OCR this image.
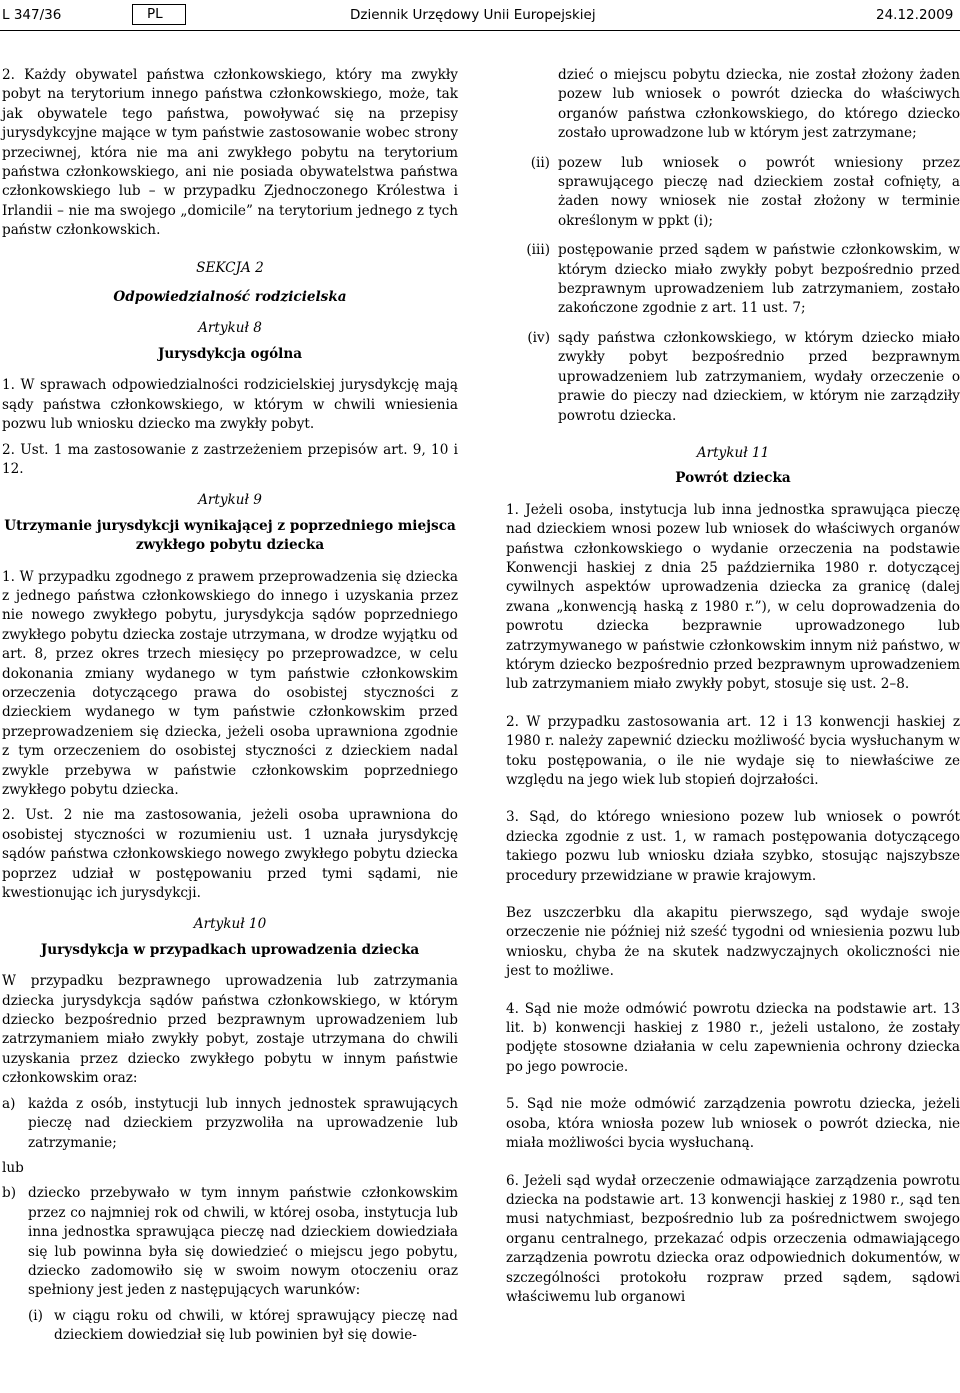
L 347/36	PL	Dziennik Urzędowy Unii Europejskiej	24.12.2009

2. Każdy obywatel państwa członkowskiego, który ma zwykły pobyt na terytorium innego państwa członkowskiego, może, tak jak obywatele tego państwa, powoływać się na przepisy jurysdykcyjne mające w tym państwie zastosowanie wobec strony przeciwnej, która nie ma ani zwykłego pobytu na terytorium państwa członkowskiego, ani nie posiada obywatelstwa państwa członkowskiego lub – w przypadku Zjednoczonego Królestwa i Irlandii – nie ma swojego „domicile” na terytorium jednego z tych państw członkowskich.

SEKCJA 2
Odpowiedzialność rodzicielska
Artykuł 8
Jurysdykcja ogólna

1. W sprawach odpowiedzialności rodzicielskiej jurysdykcję mają sądy państwa członkowskiego, w którym w chwili wniesienia pozwu lub wniosku dziecko ma zwykły pobyt.

2. Ust. 1 ma zastosowanie z zastrzeżeniem przepisów art. 9, 10 i 12.

Artykuł 9
Utrzymanie jurysdykcji wynikającej z poprzedniego miejsca zwykłego pobytu dziecka

1. W przypadku zgodnego z prawem przeprowadzenia się dziecka z jednego państwa członkowskiego do innego i uzyskania przez nie nowego zwykłego pobytu, jurysdykcja sądów poprzedniego zwykłego pobytu dziecka zostaje utrzymana, w drodze wyjątku od art. 8, przez okres trzech miesięcy po przeprowadzce, w celu dokonania zmiany wydanego w tym państwie członkowskim orzeczenia dotyczącego prawa do osobistej styczności z dzieckiem wydanego w tym państwie członkowskim przed przeprowadzeniem się dziecka, jeżeli osoba uprawniona zgodnie z tym orzeczeniem do osobistej styczności z dzieckiem nadal zwykle przebywa w państwie członkowskim poprzedniego zwykłego pobytu dziecka.

2. Ust. 2 nie ma zastosowania, jeżeli osoba uprawniona do osobistej styczności w rozumieniu ust. 1 uznała jurysdykcję sądów państwa członkowskiego nowego zwykłego pobytu dziecka poprzez udział w postępowaniu przed tymi sądami, nie kwestionując ich jurysdykcji.

Artykuł 10
Jurysdykcja w przypadkach uprowadzenia dziecka

W przypadku bezprawnego uprowadzenia lub zatrzymania dziecka jurysdykcja sądów państwa członkowskiego, w którym dziecko bezpośrednio przed bezprawnym uprowadzeniem lub zatrzymaniem miało zwykły pobyt, zostaje utrzymana do chwili uzyskania przez dziecko zwykłego pobytu w innym państwie członkowskim oraz:

a) każda z osób, instytucji lub innych jednostek sprawujących pieczę nad dzieckiem przyzwoliła na uprowadzenie lub zatrzymanie;

lub

b) dziecko przebywało w tym innym państwie członkowskim przez co najmniej rok od chwili, w której osoba, instytucja lub inna jednostka sprawująca pieczę nad dzieckiem dowiedziała się lub powinna była się dowiedzieć o miejscu jego pobytu, dziecko zadomowiło się w swoim nowym otoczeniu oraz spełniony jest jeden z następujących warunków:
(i) w ciągu roku od chwili, w której sprawujący pieczę nad dzieckiem dowiedział się lub powinien był się dowie-
dzieć o miejscu pobytu dziecka, nie został złożony żaden pozew lub wniosek o powrót dziecka do właściwych organów państwa członkowskiego, do którego dziecko zostało uprowadzone lub w którym jest zatrzymane;
(ii) pozew lub wniosek o powrót wniesiony przez sprawującego pieczę nad dzieckiem został cofnięty, a żaden nowy wniosek nie został złożony w terminie określonym w ppkt (i);
(iii) postępowanie przed sądem w państwie członkowskim, w którym dziecko miało zwykły pobyt bezpośrednio przed bezprawnym uprowadzeniem lub zatrzymaniem, zostało zakończone zgodnie z art. 11 ust. 7;
(iv) sądy państwa członkowskiego, w którym dziecko miało zwykły pobyt bezpośrednio przed bezprawnym uprowadzeniem lub zatrzymaniem, wydały orzeczenie o prawie do pieczy nad dzieckiem, w którym nie zarządziły powrotu dziecka.
Artykuł 11
Powrót dziecka

1. Jeżeli osoba, instytucja lub inna jednostka sprawująca pieczę nad dzieckiem wnosi pozew lub wniosek do właściwych organów państwa członkowskiego o wydanie orzeczenia na podstawie Konwencji haskiej z dnia 25 października 1980 r. dotyczącej cywilnych aspektów uprowadzenia dziecka za granicę (dalej zwana „konwencją haską z 1980 r.”), w celu doprowadzenia do powrotu dziecka bezprawnie uprowadzonego lub zatrzymywanego w państwie członkowskim innym niż państwo, w którym dziecko bezpośrednio przed bezprawnym uprowadzeniem lub zatrzymaniem miało zwykły pobyt, stosuje się ust. 2–8.

2. W przypadku zastosowania art. 12 i 13 konwencji haskiej z 1980 r. należy zapewnić dziecku możliwość bycia wysłuchanym w toku postępowania, o ile nie wydaje się to niewłaściwe ze względu na jego wiek lub stopień dojrzałości.

3. Sąd, do którego wniesiono pozew lub wniosek o powrót dziecka zgodnie z ust. 1, w ramach postępowania dotyczącego takiego pozwu lub wniosku działa szybko, stosując najszybsze procedury przewidziane w prawie krajowym.

Bez uszczerbku dla akapitu pierwszego, sąd wydaje swoje orzeczenie nie później niż sześć tygodni od wniesienia pozwu lub wniosku, chyba że na skutek nadzwyczajnych okoliczności nie jest to możliwe.

4. Sąd nie może odmówić powrotu dziecka na podstawie art. 13 lit. b) konwencji haskiej z 1980 r., jeżeli ustalono, że zostały podjęte stosowne działania w celu zapewnienia ochrony dziecka po jego powrocie.

5. Sąd nie może odmówić zarządzenia powrotu dziecka, jeżeli osoba, która wniosła pozew lub wniosek o powrót dziecka, nie miała możliwości bycia wysłuchaną.

6. Jeżeli sąd wydał orzeczenie odmawiające zarządzenia powrotu dziecka na podstawie art. 13 konwencji haskiej z 1980 r., sąd ten musi natychmiast, bezpośrednio lub za pośrednictwem swojego organu centralnego, przekazać odpis orzeczenia odmawiającego zarządzenia powrotu dziecka oraz odpowiednich dokumentów, w szczególności protokołu rozpraw przed sądem, sądowi właściwemu lub organowi
